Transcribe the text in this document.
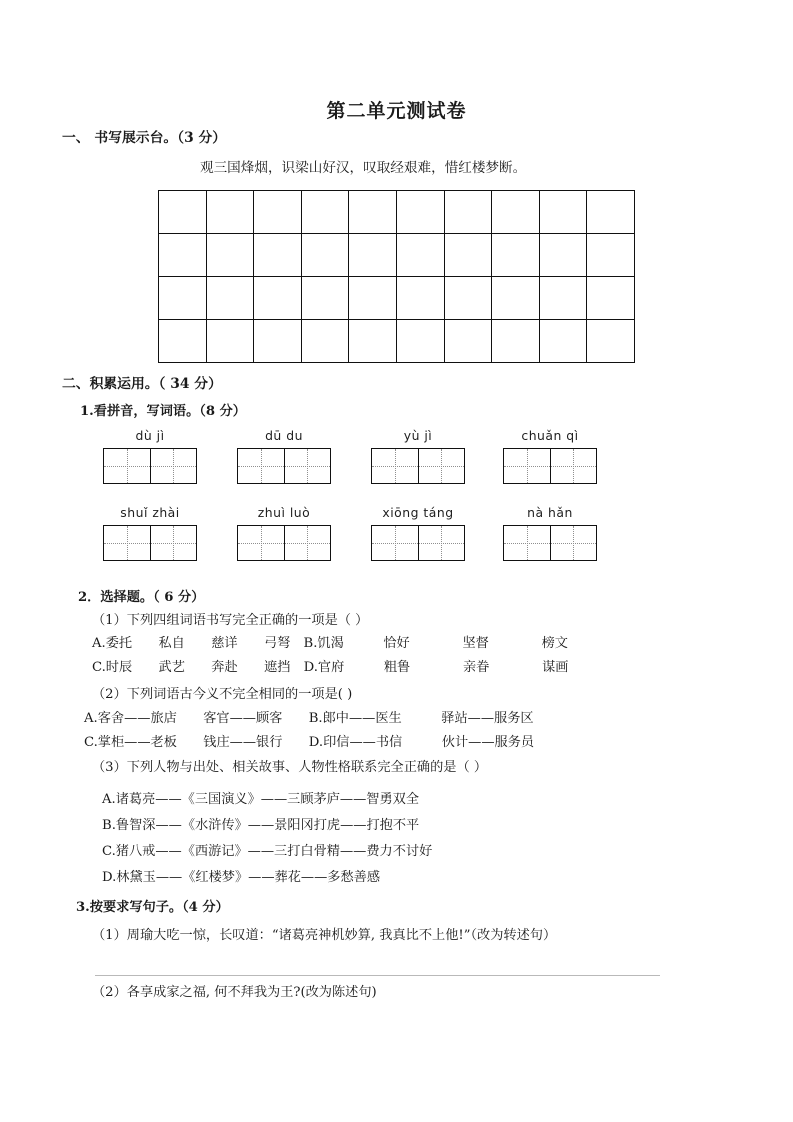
第二单元测试卷
一、 书写展示台。（3 分）
观三国烽烟，识梁山好汉，叹取经艰难，惜红楼梦断。
二、积累运用。（ 34 分）
1.看拼音，写词语。（8 分）
dù jì	dū du	yù jì	chuǎn qì
shuǐ zhài	zhuì luò	xiōng táng	nà hǎn
2．选择题。（ 6 分）
（1）下列四组词语书写完全正确的一项是（ ）
A.委托　　私自　　慈详　　弓弩　B.饥渴　　　恰好　　　　坚督　　　　榜文
C.时辰　　武艺　　奔赴　　遮挡　D.官府　　　粗鲁　　　　亲眷　　　　谋画
（2）下列词语古今义不完全相同的一项是( )
A.客舍——旅店　　客官——顾客　　B.郎中——医生　　　驿站——服务区
C.掌柜——老板　　钱庄——银行　　D.印信——书信　　　伙计——服务员
（3）下列人物与出处、相关故事、人物性格联系完全正确的是（ ）
A.诸葛亮——《三国演义》——三顾茅庐——智勇双全
B.鲁智深——《水浒传》——景阳冈打虎——打抱不平
C.猪八戒——《西游记》——三打白骨精——费力不讨好
D.林黛玉——《红楼梦》——葬花——多愁善感
3.按要求写句子。（4 分）
（1）周瑜大吃一惊，长叹道：“诸葛亮神机妙算, 我真比不上他!”（改为转述句）
（2）各享成家之福, 何不拜我为王?(改为陈述句)
